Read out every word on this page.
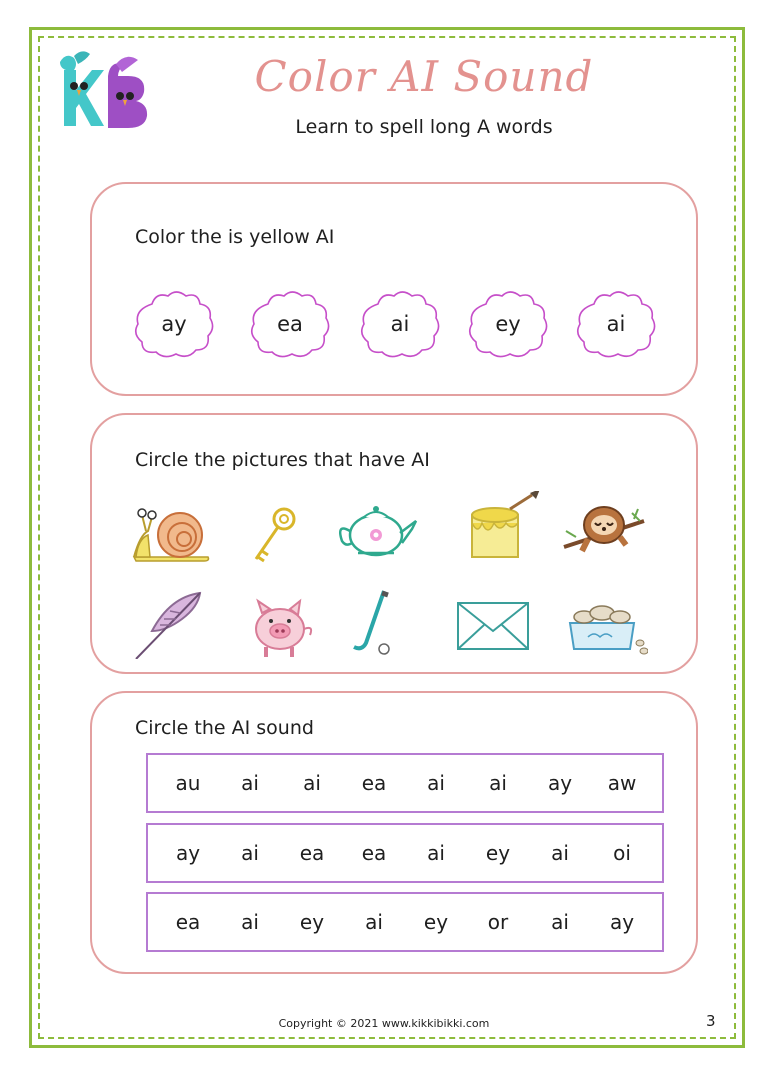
Color AI Sound
Learn to spell long A words
Color the is yellow AI
ay	ea	ai	ey	ai
Circle the pictures that have AI
Circle the AI sound
au	ai	ai	ea	ai	ai	ay	aw
ay	ai	ea	ea	ai	ey	ai	oi
ea	ai	ey	ai	ey	or	ai	ay
Copyright © 2021 www.kikkibikki.com	3
